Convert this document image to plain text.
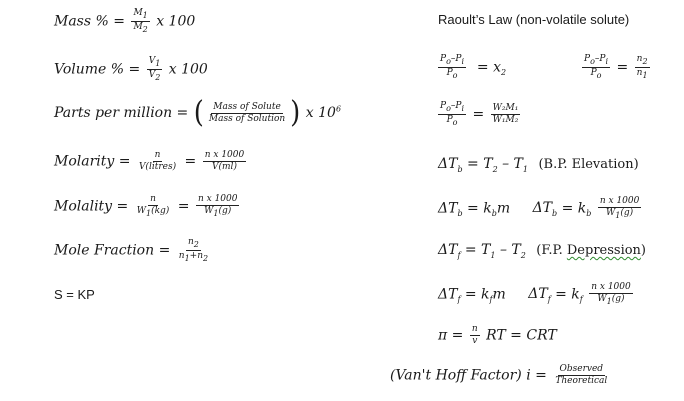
Mass % = $\frac{M_1}{M_2}$ x 100
Volume % = $\frac{V_1}{V_2}$ x 100
Parts per million = ( Mass of Solute
Mass of Solution ) x $10^6$
Molarity =	n
V(litres) = $\frac{\text{n x 1000}}{V(ml)}$
Molality = $\frac{n}{W_1(kg)} = \frac{\text{n x 1000}}{W_1(g)}$
Mole Fraction = $\frac{n_2}{n_1+n_2}$
S = KP
Raoult’s Law (non-volatile solute)
$\frac{P_o-P_i}{P_o} = x_2$	$\frac{P_o-P_i}{P_o} = \frac{n_2}{n_1}$
$\frac{P_o-P_i}{P_o} = \frac{\text{W₂M₁}}{\text{W₁M₂}}$
$\Delta T_b = T_2 - T_1$ (B.P. Elevation)
$\Delta T_b = k_bm$ $\Delta T_b = k_b \frac{\text{n x 1000}}{W_1(g)}$
$\Delta T_f = T_1 - T_2$ (F.P. Depression)
$\Delta T_f = k_fm$ $\Delta T_f = k_f \frac{\text{n x 1000}}{W_1(g)}$
$\pi = \frac{n}{v}$ RT = CRT
(Van't Hoff Factor) i = Observed
Theoretical
